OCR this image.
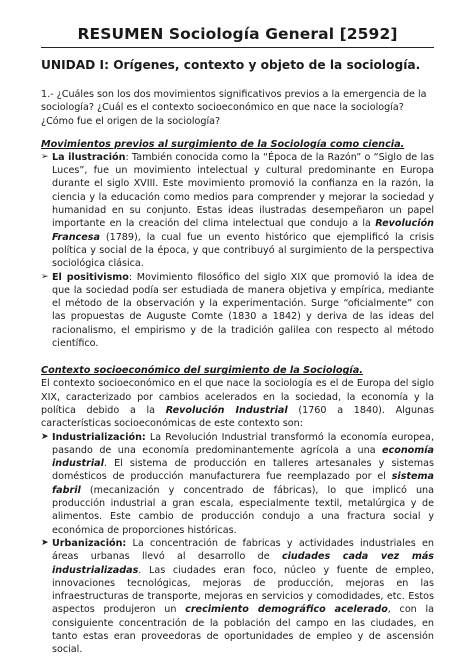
RESUMEN Sociología General [2592]
UNIDAD I: Orígenes, contexto y objeto de la sociología.

1.- ¿Cuáles son los dos movimientos significativos previos a la emergencia de la sociología? ¿Cuál es el contexto socioeconómico en que nace la sociología? ¿Cómo fue el origen de la sociología?

Movimientos previos al surgimiento de la Sociología como ciencia.
➢ La ilustración: También conocida como la “Época de la Razón” o “Siglo de las Luces”, fue un movimiento intelectual y cultural predominante en Europa durante el siglo XVIII. Este movimiento promovió la confianza en la razón, la ciencia y la educación como medios para comprender y mejorar la sociedad y humanidad en su conjunto. Estas ideas ilustradas desempeñaron un papel importante en la creación del clima intelectual que condujo a la Revolución Francesa (1789), la cual fue un evento histórico que ejemplificó la crisis política y social de la época, y que contribuyó al surgimiento de la perspectiva sociológica clásica.
➢ El positivismo: Movimiento filosófico del siglo XIX que promovió la idea de que la sociedad podía ser estudiada de manera objetiva y empírica, mediante el método de la observación y la experimentación. Surge “oficialmente” con las propuestas de Auguste Comte (1830 a 1842) y deriva de las ideas del racionalismo, el empirismo y de la tradición galilea con respecto al método científico.
Contexto socioeconómico del surgimiento de la Sociología.

El contexto socioeconómico en el que nace la sociología es el de Europa del siglo XIX, caracterizado por cambios acelerados en la sociedad, la economía y la política debido a la Revolución Industrial (1760 a 1840). Algunas características socioeconómicas de este contexto son:

➤ Industrialización: La Revolución Industrial transformó la economía europea, pasando de una economía predominantemente agrícola a una economía industrial. El sistema de producción en talleres artesanales y sistemas domésticos de producción manufacturera fue reemplazado por el sistema fabril (mecanización y concentrado de fábricas), lo que implicó una producción industrial a gran escala, especialmente textil, metalúrgica y de alimentos. Este cambio de producción condujo a una fractura social y económica de proporciones históricas.
➤ Urbanización: La concentración de fabricas y actividades industriales en áreas urbanas llevó al desarrollo de ciudades cada vez más industrializadas. Las ciudades eran foco, núcleo y fuente de empleo, innovaciones tecnológicas, mejoras de producción, mejoras en las infraestructuras de transporte, mejoras en servicios y comodidades, etc. Estos aspectos produjeron un crecimiento demográfico acelerado, con la consiguiente concentración de la población del campo en las ciudades, en tanto estas eran proveedoras de oportunidades de empleo y de ascensión social.
